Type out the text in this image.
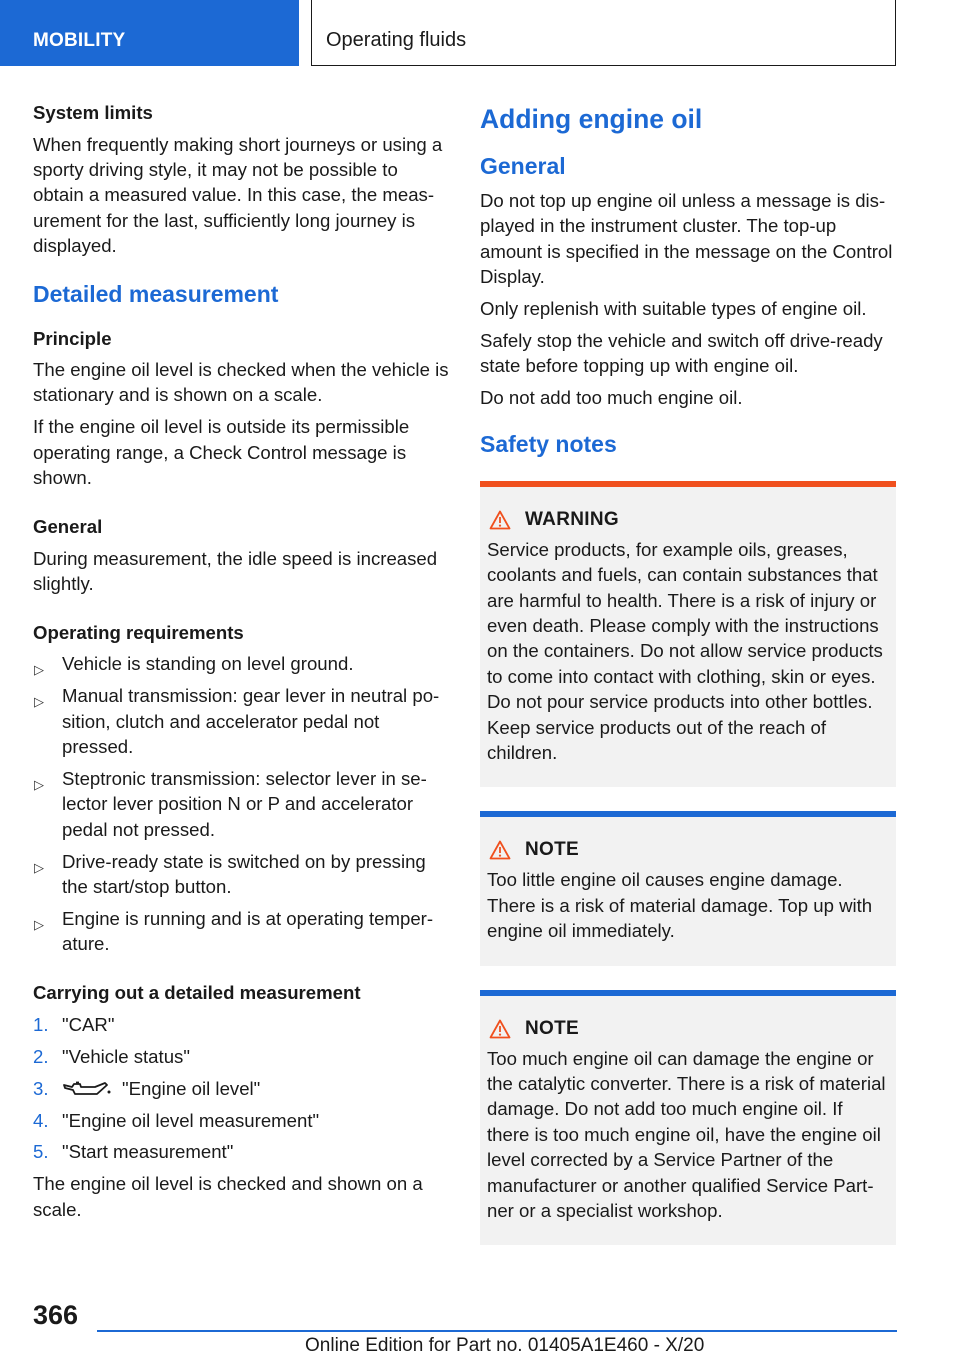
MOBILITY	Operating fluids
System limits

When frequently making short journeys or using a sporty driving style, it may not be possible to obtain a measured value. In this case, the measurement for the last, sufficiently long journey is displayed.

Detailed measurement
Principle

The engine oil level is checked when the vehicle is stationary and is shown on a scale.

If the engine oil level is outside its permissible operating range, a Check Control message is shown.

General

During measurement, the idle speed is increased slightly.

Operating requirements
▷ Vehicle is standing on level ground.
▷ Manual transmission: gear lever in neutral position, clutch and accelerator pedal not pressed.
▷ Steptronic transmission: selector lever in selector lever position N or P and accelerator pedal not pressed.
▷ Drive-ready state is switched on by pressing the start/stop button.
▷ Engine is running and is at operating temperature.
Carrying out a detailed measurement
1. "CAR"
2. "Vehicle status"
3.	"Engine oil level"
4. "Engine oil level measurement"
5. "Start measurement"

The engine oil level is checked and shown on a scale.

Adding engine oil
General

Do not top up engine oil unless a message is displayed in the instrument cluster. The top-up amount is specified in the message on the Control Display.

Only replenish with suitable types of engine oil.

Safely stop the vehicle and switch off drive-ready state before topping up with engine oil.

Do not add too much engine oil.

Safety notes
WARNING

Service products, for example oils, greases, coolants and fuels, can contain substances that are harmful to health. There is a risk of injury or even death. Please comply with the instructions on the containers. Do not allow service products to come into contact with clothing, skin or eyes. Do not pour service products into other bottles. Keep service products out of the reach of children.

NOTE

Too little engine oil causes engine damage. There is a risk of material damage. Top up with engine oil immediately.

NOTE

Too much engine oil can damage the engine or the catalytic converter. There is a risk of material damage. Do not add too much engine oil. If there is too much engine oil, have the engine oil level corrected by a Service Partner of the manufacturer or another qualified Service Partner or a specialist workshop.

366
Online Edition for Part no. 01405A1E460 - X/20
